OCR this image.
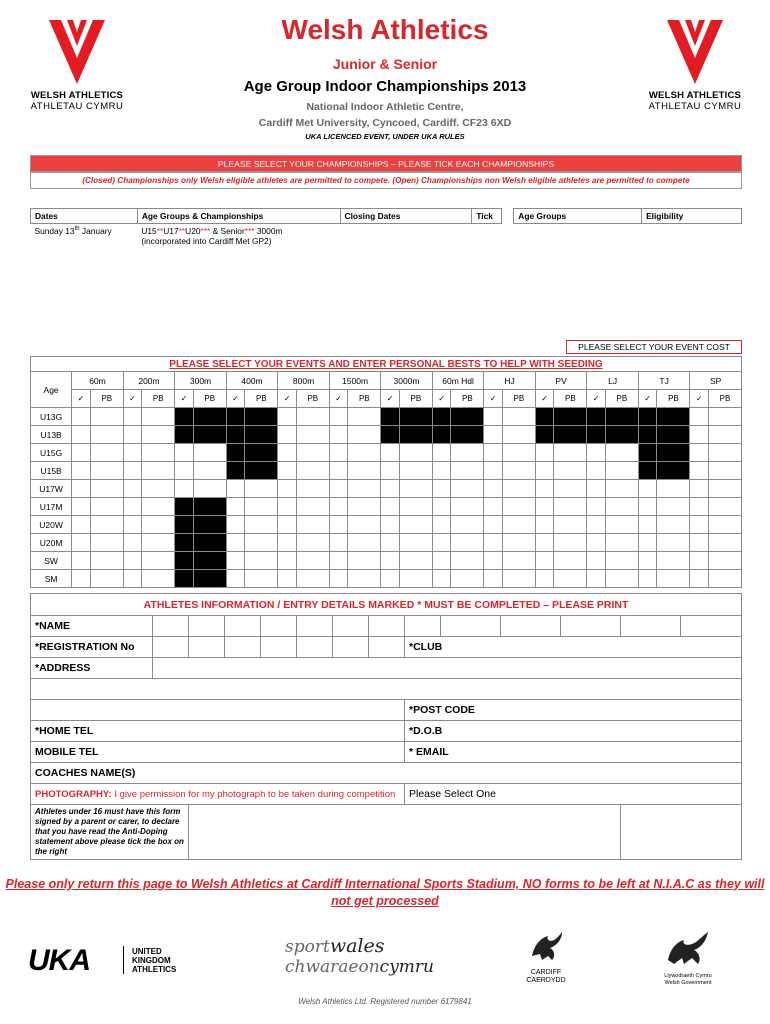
WELSH ATHLETICS
ATHLETAU CYMRU
WELSH ATHLETICS
ATHLETAU CYMRU
Welsh Athletics
Junior & Senior
Age Group Indoor Championships 2013
National Indoor Athletic Centre,
Cardiff Met University, Cyncoed, Cardiff. CF23 6XD
UKA LICENCED EVENT, UNDER UKA RULES
PLEASE SELECT YOUR CHAMPIONSHIPS – PLEASE TICK EACH CHAMPIONSHIPS
(Closed) Championships only Welsh eligible athletes are permitted to compete. (Open) Championships non Welsh eligible athletes are permitted to compete
Dates	Age Groups & Championships	Closing Dates	Tick		Age Groups	Eligibility
Sunday 13th January	U15**U17**U20*** & Senior*** 3000m
(incorporated into Cardiff Met GP2)					
PLEASE SELECT YOUR EVENT COST
PLEASE SELECT YOUR EVENTS AND ENTER PERSONAL BESTS TO HELP WITH SEEDING																										
Age	60m		200m		300m		400m		800m		1500m		3000m		60m Hdl		HJ		PV		LJ		TJ		SP	
	✓	PB	✓	PB	✓	PB	✓	PB	✓	PB	✓	PB	✓	PB	✓	PB	✓	PB	✓	PB	✓	PB	✓	PB	✓	PB
U13G																										
U13B																										
U15G																										
U15B																										
U17W																										
U17M																										
U20W																										
U20M																										
SW																										
SM																										
ATHLETES INFORMATION / ENTRY DETAILS MARKED * MUST BE COMPLETED – PLEASE PRINT													
*NAME													
*REGISTRATION No								*CLUB					
*ADDRESS													

								*POST CODE					
*HOME TEL								*D.O.B					
MOBILE TEL								* EMAIL					
COACHES NAME(S)													
PHOTOGRAPHY: I give permission for my photograph to be taken during competition								Please Select One					
Athletes under 16 must have this form signed by a parent or carer, to declare that you have read the Anti-Doping statement above please tick the box on the right													
Please only return this page to Welsh Athletics at Cardiff International Sports Stadium, NO forms to be left at N.I.A.C as they will not get processed
UKA	UNITED
KINGDOM
ATHLETICS
sportwales
chwaraeoncymru	CARDIFF
CAERDYDD
Llywodraeth Cymru
Welsh Government
Welsh Athletics Ltd. Registered number 6179841
